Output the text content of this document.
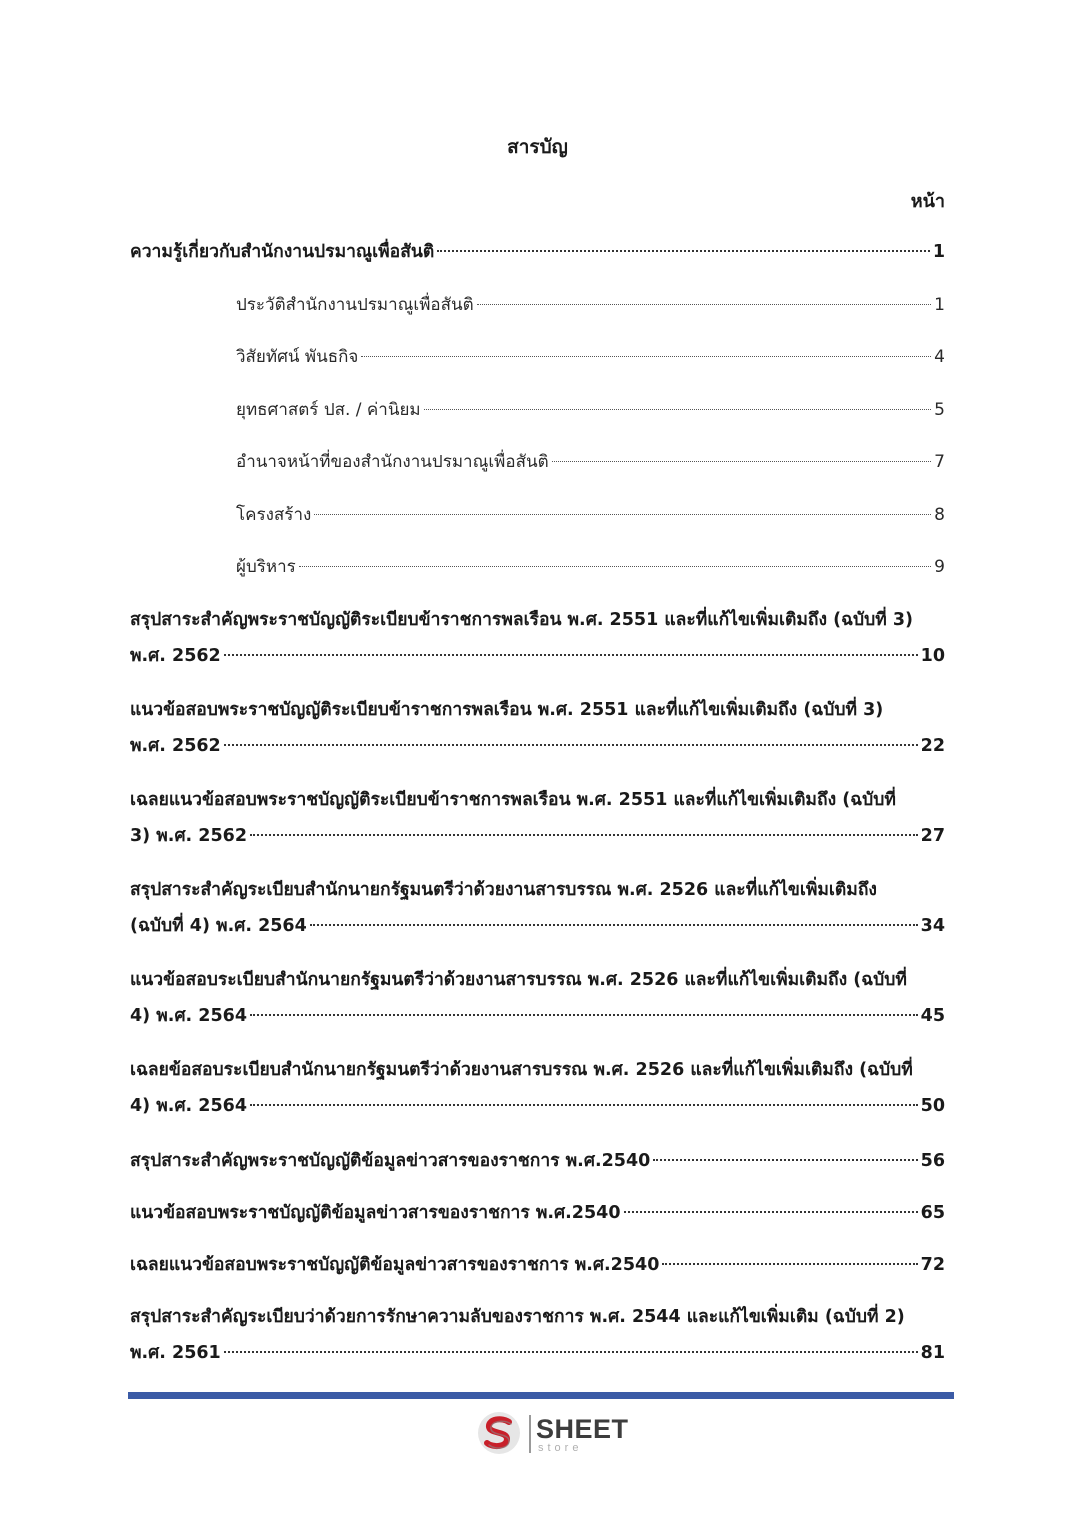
สารบัญ
หน้า
ความรู้เกี่ยวกับสำนักงานปรมาณูเพื่อสันติ	1
ประวัติสำนักงานปรมาณูเพื่อสันติ	1
วิสัยทัศน์ พันธกิจ	4
ยุทธศาสตร์ ปส. / ค่านิยม	5
อำนาจหน้าที่ของสำนักงานปรมาณูเพื่อสันติ	7
โครงสร้าง	8
ผู้บริหาร	9
สรุปสาระสำคัญพระราชบัญญัติระเบียบข้าราชการพลเรือน พ.ศ. 2551 และที่แก้ไขเพิ่มเติมถึง (ฉบับที่ 3)
พ.ศ. 2562	10
แนวข้อสอบพระราชบัญญัติระเบียบข้าราชการพลเรือน พ.ศ. 2551 และที่แก้ไขเพิ่มเติมถึง (ฉบับที่ 3)
พ.ศ. 2562	22
เฉลยแนวข้อสอบพระราชบัญญัติระเบียบข้าราชการพลเรือน พ.ศ. 2551 และที่แก้ไขเพิ่มเติมถึง (ฉบับที่
3) พ.ศ. 2562	27
สรุปสาระสำคัญระเบียบสำนักนายกรัฐมนตรีว่าด้วยงานสารบรรณ พ.ศ. 2526 และที่แก้ไขเพิ่มเติมถึง
(ฉบับที่ 4) พ.ศ. 2564	34
แนวข้อสอบระเบียบสำนักนายกรัฐมนตรีว่าด้วยงานสารบรรณ พ.ศ. 2526 และที่แก้ไขเพิ่มเติมถึง (ฉบับที่
4) พ.ศ. 2564	45
เฉลยข้อสอบระเบียบสำนักนายกรัฐมนตรีว่าด้วยงานสารบรรณ พ.ศ. 2526 และที่แก้ไขเพิ่มเติมถึง (ฉบับที่
4) พ.ศ. 2564	50
สรุปสาระสำคัญพระราชบัญญัติข้อมูลข่าวสารของราชการ พ.ศ.2540	56
แนวข้อสอบพระราชบัญญัติข้อมูลข่าวสารของราชการ พ.ศ.2540	65
เฉลยแนวข้อสอบพระราชบัญญัติข้อมูลข่าวสารของราชการ พ.ศ.2540	72
สรุปสาระสำคัญระเบียบว่าด้วยการรักษาความลับของราชการ พ.ศ. 2544 และแก้ไขเพิ่มเติม (ฉบับที่ 2)
พ.ศ. 2561	81
SHEET
store
